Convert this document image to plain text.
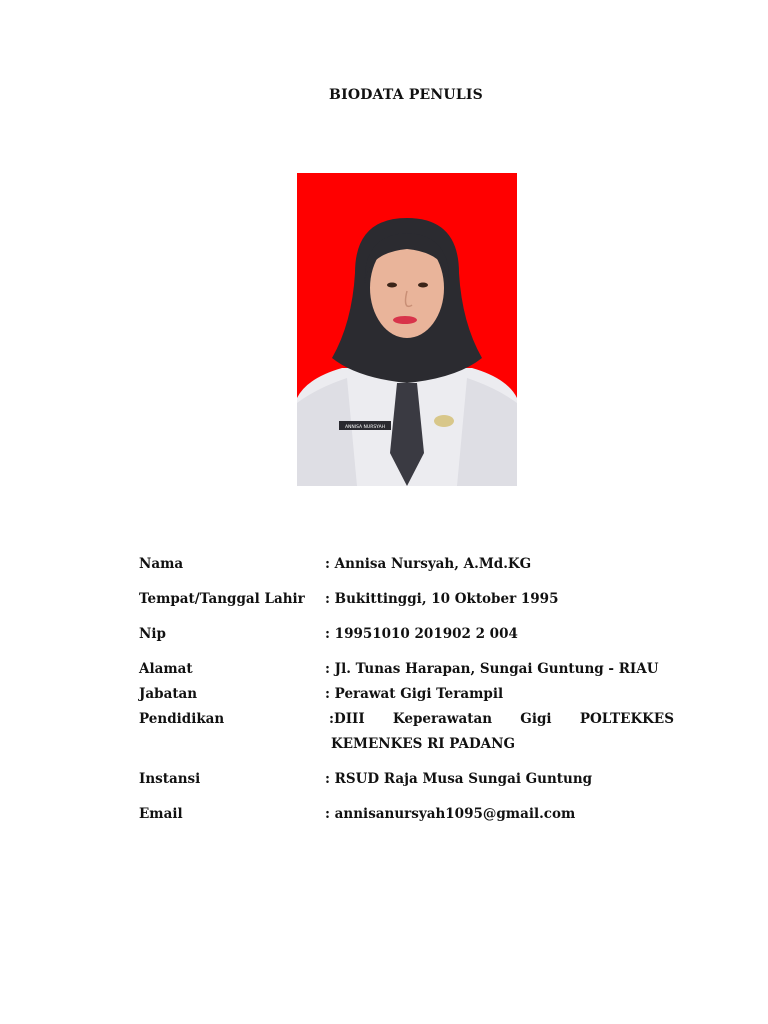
BIODATA PENULIS
ANNISA NURSYAH
Nama	: Annisa Nursyah, A.Md.KG
Tempat/Tanggal Lahir : Bukittinggi, 10 Oktober 1995
Nip	: 19951010 201902 2 004
Alamat	: Jl. Tunas Harapan, Sungai Guntung - RIAU
Jabatan	: Perawat Gigi Terampil
Pendidikan	:DIII Keperawatan Gigi POLTEKKES
KEMENKES RI PADANG
Instansi	: RSUD Raja Musa Sungai Guntung
Email	: annisanursyah1095@gmail.com
